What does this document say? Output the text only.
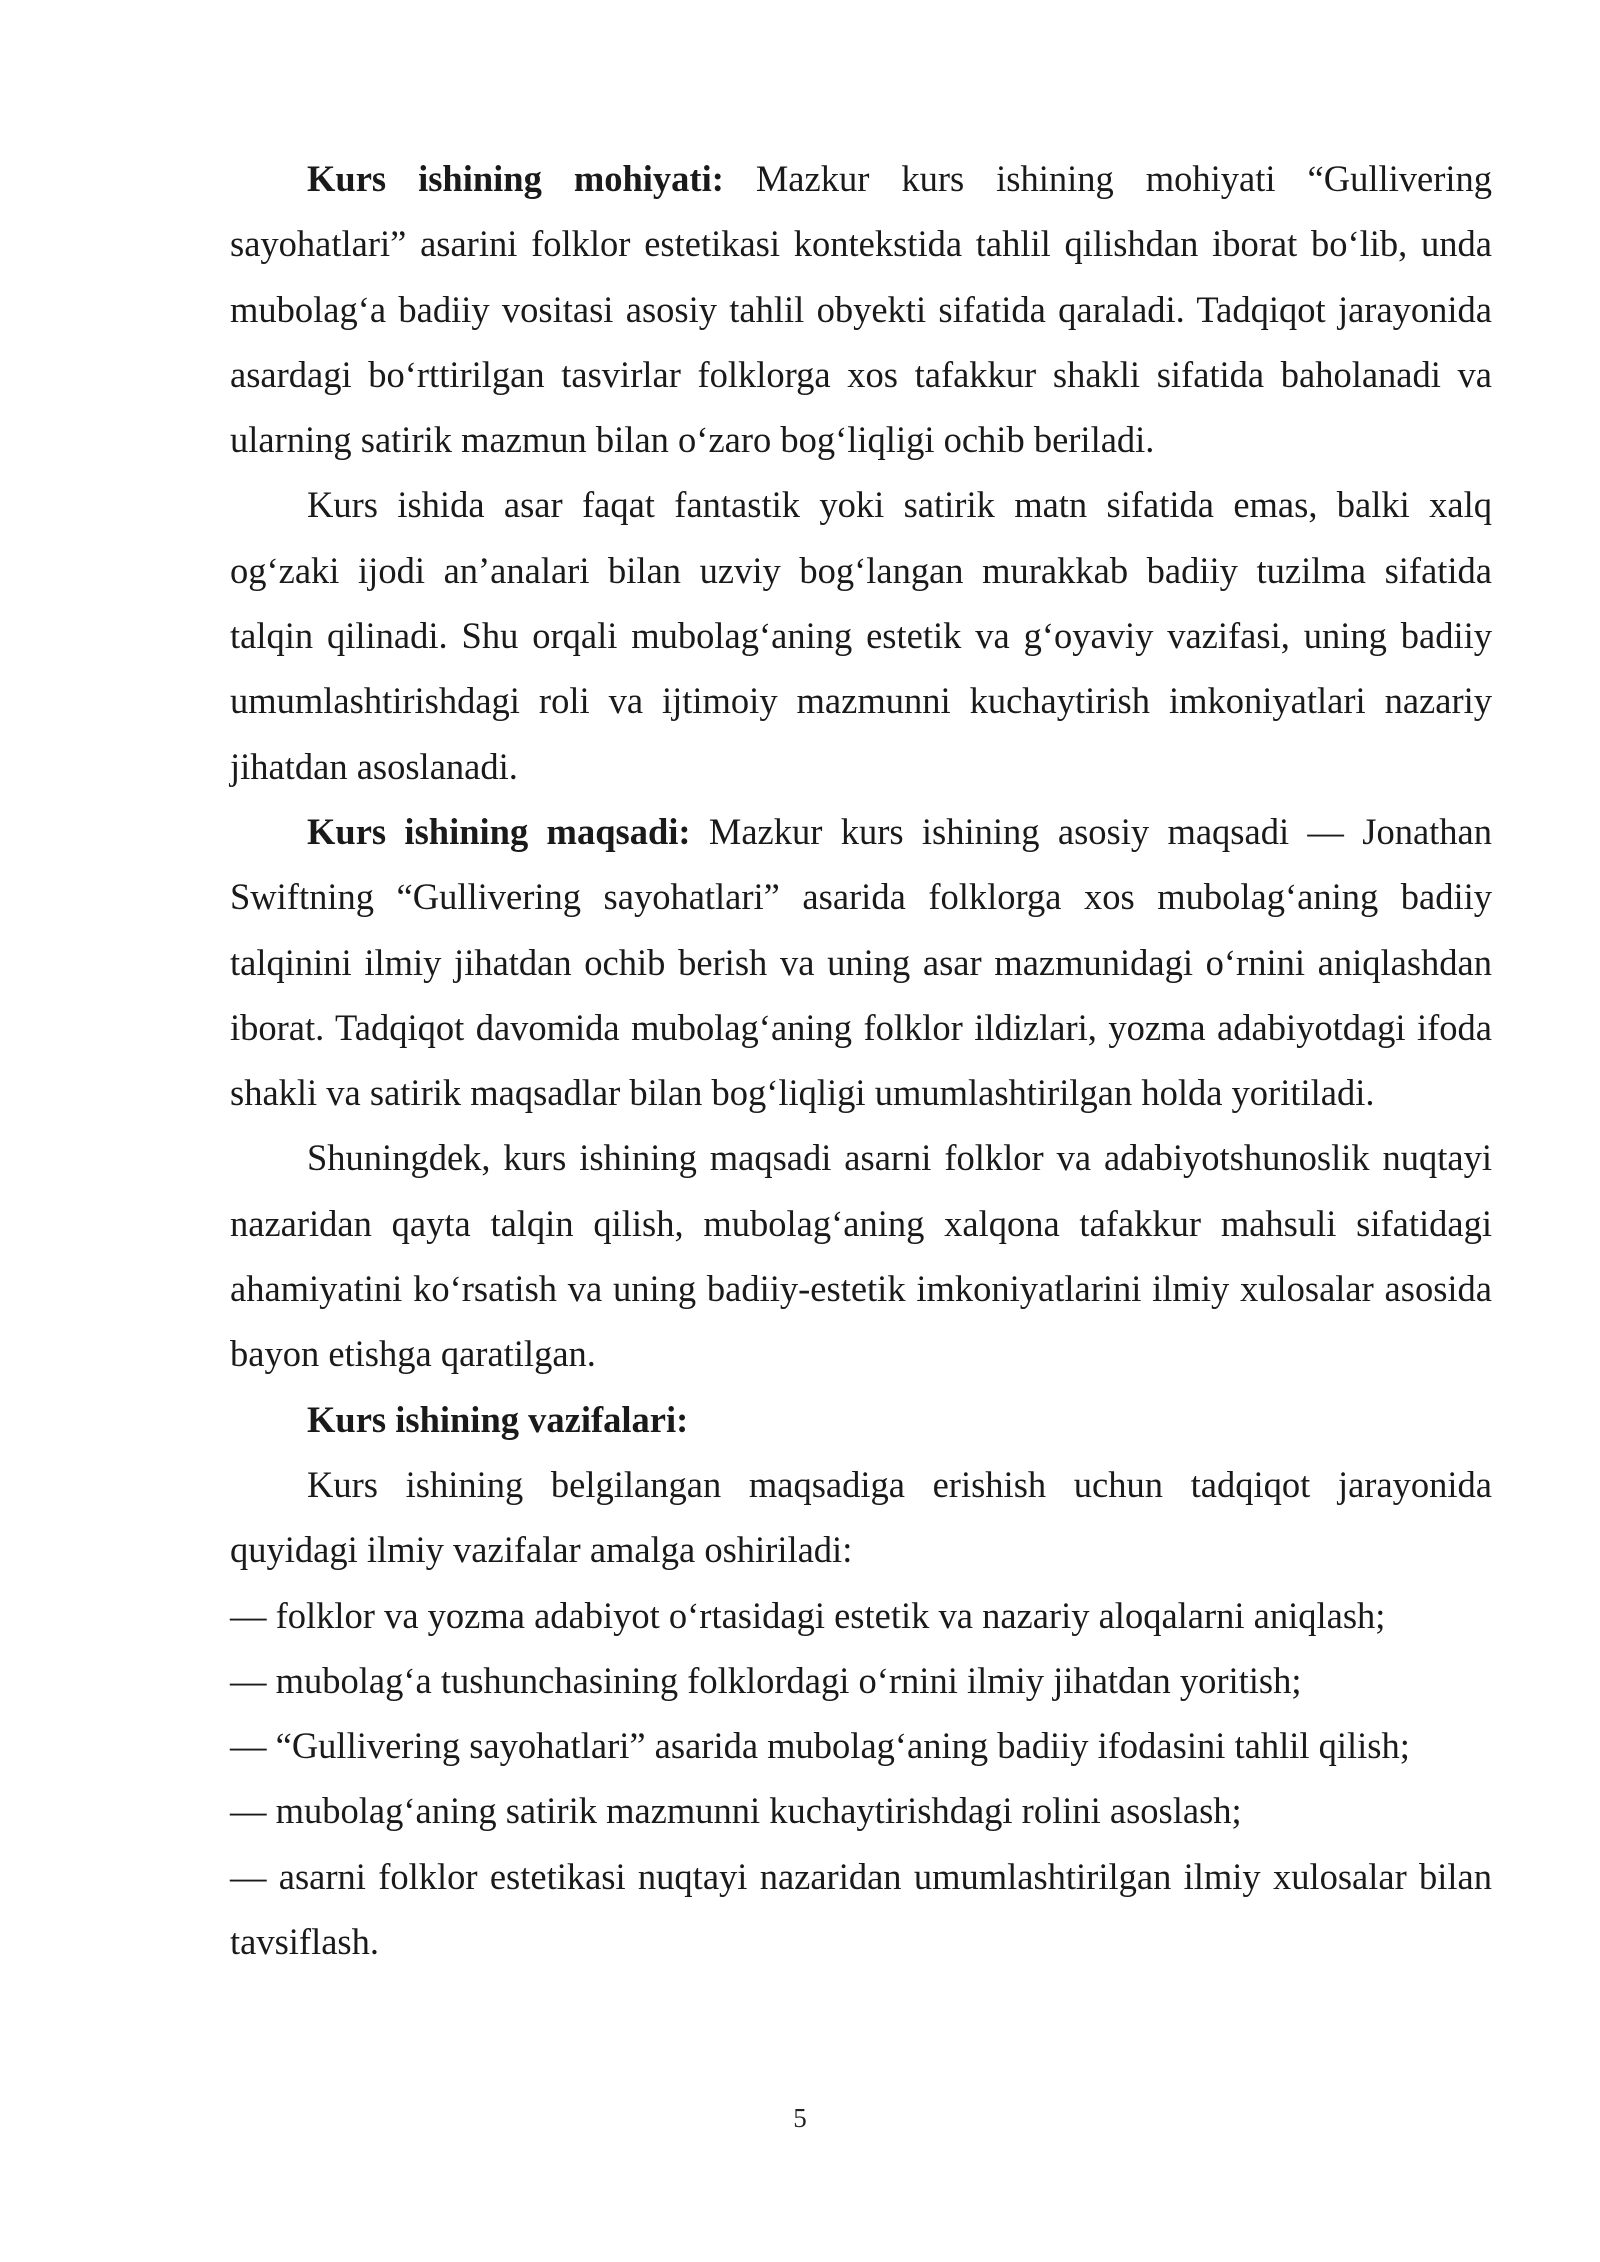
Kurs ishining mohiyati: Mazkur kurs ishining mohiyati “Gullivering sayohatlari” asarini folklor estetikasi kontekstida tahlil qilishdan iborat bo‘lib, unda mubolag‘a badiiy vositasi asosiy tahlil obyekti sifatida qaraladi. Tadqiqot jarayonida asardagi bo‘rttirilgan tasvirlar folklorga xos tafakkur shakli sifatida baholanadi va ularning satirik mazmun bilan o‘zaro bog‘liqligi ochib beriladi.

Kurs ishida asar faqat fantastik yoki satirik matn sifatida emas, balki xalq og‘zaki ijodi an’analari bilan uzviy bog‘langan murakkab badiiy tuzilma sifatida talqin qilinadi. Shu orqali mubolag‘aning estetik va g‘oyaviy vazifasi, uning badiiy umumlashtirishdagi roli va ijtimoiy mazmunni kuchaytirish imkoniyatlari nazariy jihatdan asoslanadi.

Kurs ishining maqsadi: Mazkur kurs ishining asosiy maqsadi — Jonathan Swiftning “Gullivering sayohatlari” asarida folklorga xos mubolag‘aning badiiy talqinini ilmiy jihatdan ochib berish va uning asar mazmunidagi o‘rnini aniqlashdan iborat. Tadqiqot davomida mubolag‘aning folklor ildizlari, yozma adabiyotdagi ifoda shakli va satirik maqsadlar bilan bog‘liqligi umumlashtirilgan holda yoritiladi.

Shuningdek, kurs ishining maqsadi asarni folklor va adabiyotshunoslik nuqtayi nazaridan qayta talqin qilish, mubolag‘aning xalqona tafakkur mahsuli sifatidagi ahamiyatini ko‘rsatish va uning badiiy-estetik imkoniyatlarini ilmiy xulosalar asosida bayon etishga qaratilgan.

Kurs ishining vazifalari:

Kurs ishining belgilangan maqsadiga erishish uchun tadqiqot jarayonida quyidagi ilmiy vazifalar amalga oshiriladi:

— folklor va yozma adabiyot o‘rtasidagi estetik va nazariy aloqalarni aniqlash;

— mubolag‘a tushunchasining folklordagi o‘rnini ilmiy jihatdan yoritish;

— “Gullivering sayohatlari” asarida mubolag‘aning badiiy ifodasini tahlil qilish;

— mubolag‘aning satirik mazmunni kuchaytirishdagi rolini asoslash;

— asarni folklor estetikasi nuqtayi nazaridan umumlashtirilgan ilmiy xulosalar bilan tavsiflash.

5
